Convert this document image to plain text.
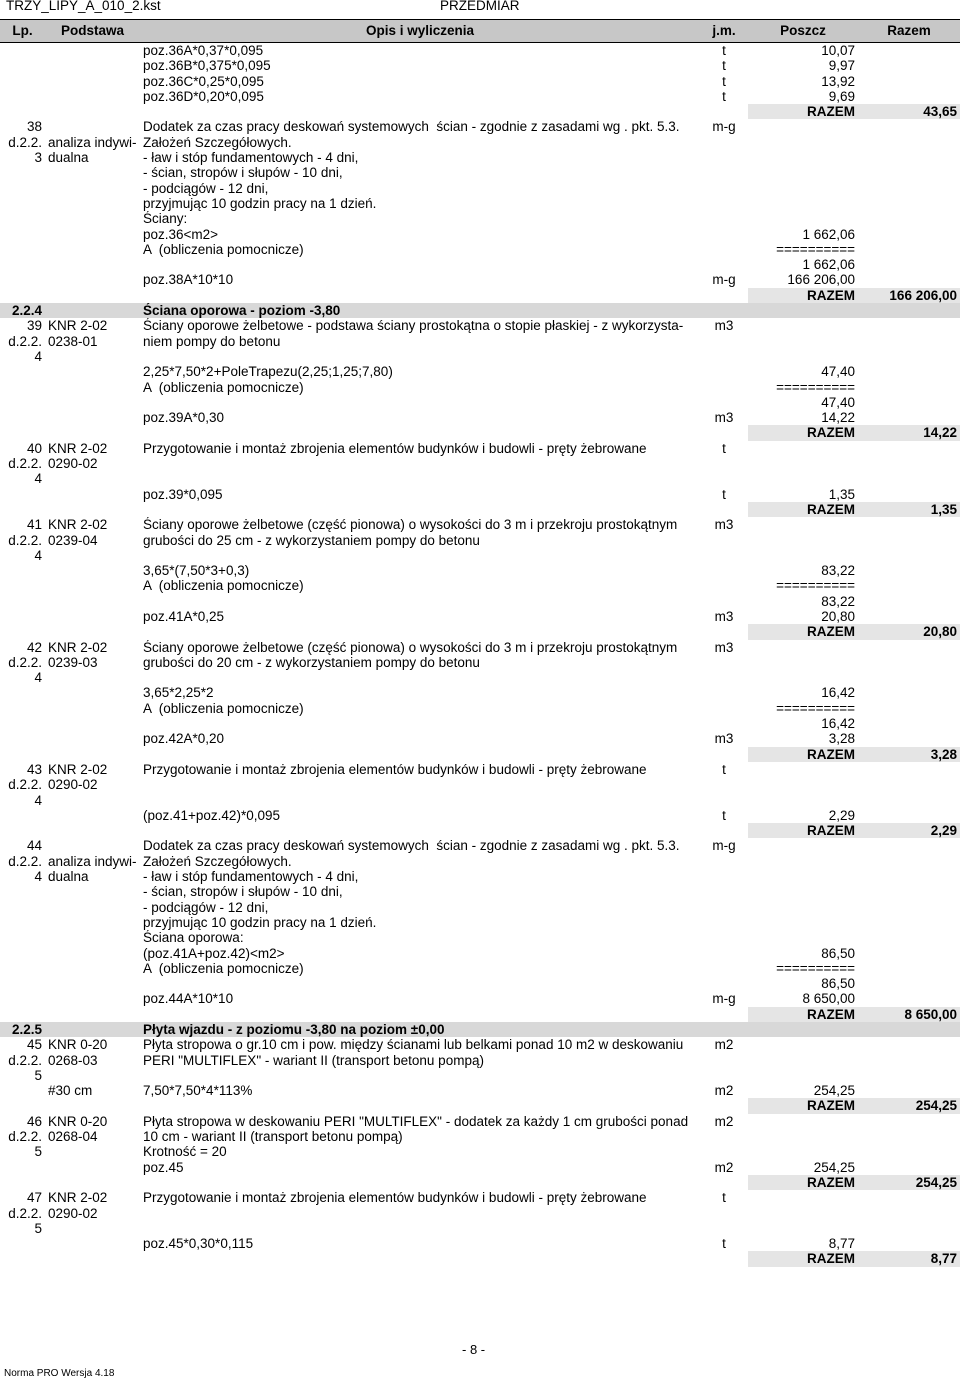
TRZY_LIPY_A_010_2.kst	PRZEDMIAR
Lp.	Podstawa	Opis i wyliczenia	j.m.	Poszcz	Razem
		poz.36A*0,37*0,095	t	10,07	
		poz.36B*0,375*0,095	t	9,97	
		poz.36C*0,25*0,095	t	13,92	
		poz.36D*0,20*0,095	t	9,69	
				RAZEM	43,65
38		Dodatek za czas pracy deskowań systemowych  ścian - zgodnie z zasadami wg . pkt. 5.3.	m-g		
d.2.2.	analiza indywi-	Założeń Szczegółowych.			
3	dualna	- ław i stóp fundamentowych - 4 dni,			
		- ścian, stropów i słupów - 10 dni,			
		- podciągów - 12 dni,			
		przyjmując 10 godzin pracy na 1 dzień.			
		Ściany:			
		poz.36<m2>		1 662,06	
		A  (obliczenia pomocnicze)		==========	
				1 662,06	
		poz.38A*10*10	m-g	166 206,00	
				RAZEM	166 206,00
2.2.4		Ściana oporowa - poziom -3,80			
39	KNR 2-02	Ściany oporowe żelbetowe - podstawa ściany prostokątna o stopie płaskiej - z wykorzysta-	m3		
d.2.2.	0238-01	niem pompy do betonu			
4					
		2,25*7,50*2+PoleTrapezu(2,25;1,25;7,80)		47,40	
		A  (obliczenia pomocnicze)		==========	
				47,40	
		poz.39A*0,30	m3	14,22	
				RAZEM	14,22
40	KNR 2-02	Przygotowanie i montaż zbrojenia elementów budynków i budowli - pręty żebrowane	t		
d.2.2.	0290-02				
4					
		poz.39*0,095	t	1,35	
				RAZEM	1,35
41	KNR 2-02	Ściany oporowe żelbetowe (część pionowa) o wysokości do 3 m i przekroju prostokątnym	m3		
d.2.2.	0239-04	grubości do 25 cm - z wykorzystaniem pompy do betonu			
4					
		3,65*(7,50*3+0,3)		83,22	
		A  (obliczenia pomocnicze)		==========	
				83,22	
		poz.41A*0,25	m3	20,80	
				RAZEM	20,80
42	KNR 2-02	Ściany oporowe żelbetowe (część pionowa) o wysokości do 3 m i przekroju prostokątnym	m3		
d.2.2.	0239-03	grubości do 20 cm - z wykorzystaniem pompy do betonu			
4					
		3,65*2,25*2		16,42	
		A  (obliczenia pomocnicze)		==========	
				16,42	
		poz.42A*0,20	m3	3,28	
				RAZEM	3,28
43	KNR 2-02	Przygotowanie i montaż zbrojenia elementów budynków i budowli - pręty żebrowane	t		
d.2.2.	0290-02				
4					
		(poz.41+poz.42)*0,095	t	2,29	
				RAZEM	2,29
44		Dodatek za czas pracy deskowań systemowych  ścian - zgodnie z zasadami wg . pkt. 5.3.	m-g		
d.2.2.	analiza indywi-	Założeń Szczegółowych.			
4	dualna	- ław i stóp fundamentowych - 4 dni,			
		- ścian, stropów i słupów - 10 dni,			
		- podciągów - 12 dni,			
		przyjmując 10 godzin pracy na 1 dzień.			
		Ściana oporowa:			
		(poz.41A+poz.42)<m2>		86,50	
		A  (obliczenia pomocnicze)		==========	
				86,50	
		poz.44A*10*10	m-g	8 650,00	
				RAZEM	8 650,00
2.2.5		Płyta wjazdu - z poziomu -3,80 na poziom ±0,00			
45	KNR 0-20	Płyta stropowa o gr.10 cm i pow. między ścianami lub belkami ponad 10 m2 w deskowaniu	m2		
d.2.2.	0268-03	PERI "MULTIFLEX" - wariant II (transport betonu pompą)			
5					
	#30 cm	7,50*7,50*4*113%	m2	254,25	
				RAZEM	254,25
46	KNR 0-20	Płyta stropowa w deskowaniu PERI "MULTIFLEX" - dodatek za każdy 1 cm grubości ponad	m2		
d.2.2.	0268-04	10 cm - wariant II (transport betonu pompą)			
5		Krotność = 20			
		poz.45	m2	254,25	
				RAZEM	254,25
47	KNR 2-02	Przygotowanie i montaż zbrojenia elementów budynków i budowli - pręty żebrowane	t		
d.2.2.	0290-02				
5					
		poz.45*0,30*0,115	t	8,77	
				RAZEM	8,77
- 8 -
Norma PRO Wersja 4.18
